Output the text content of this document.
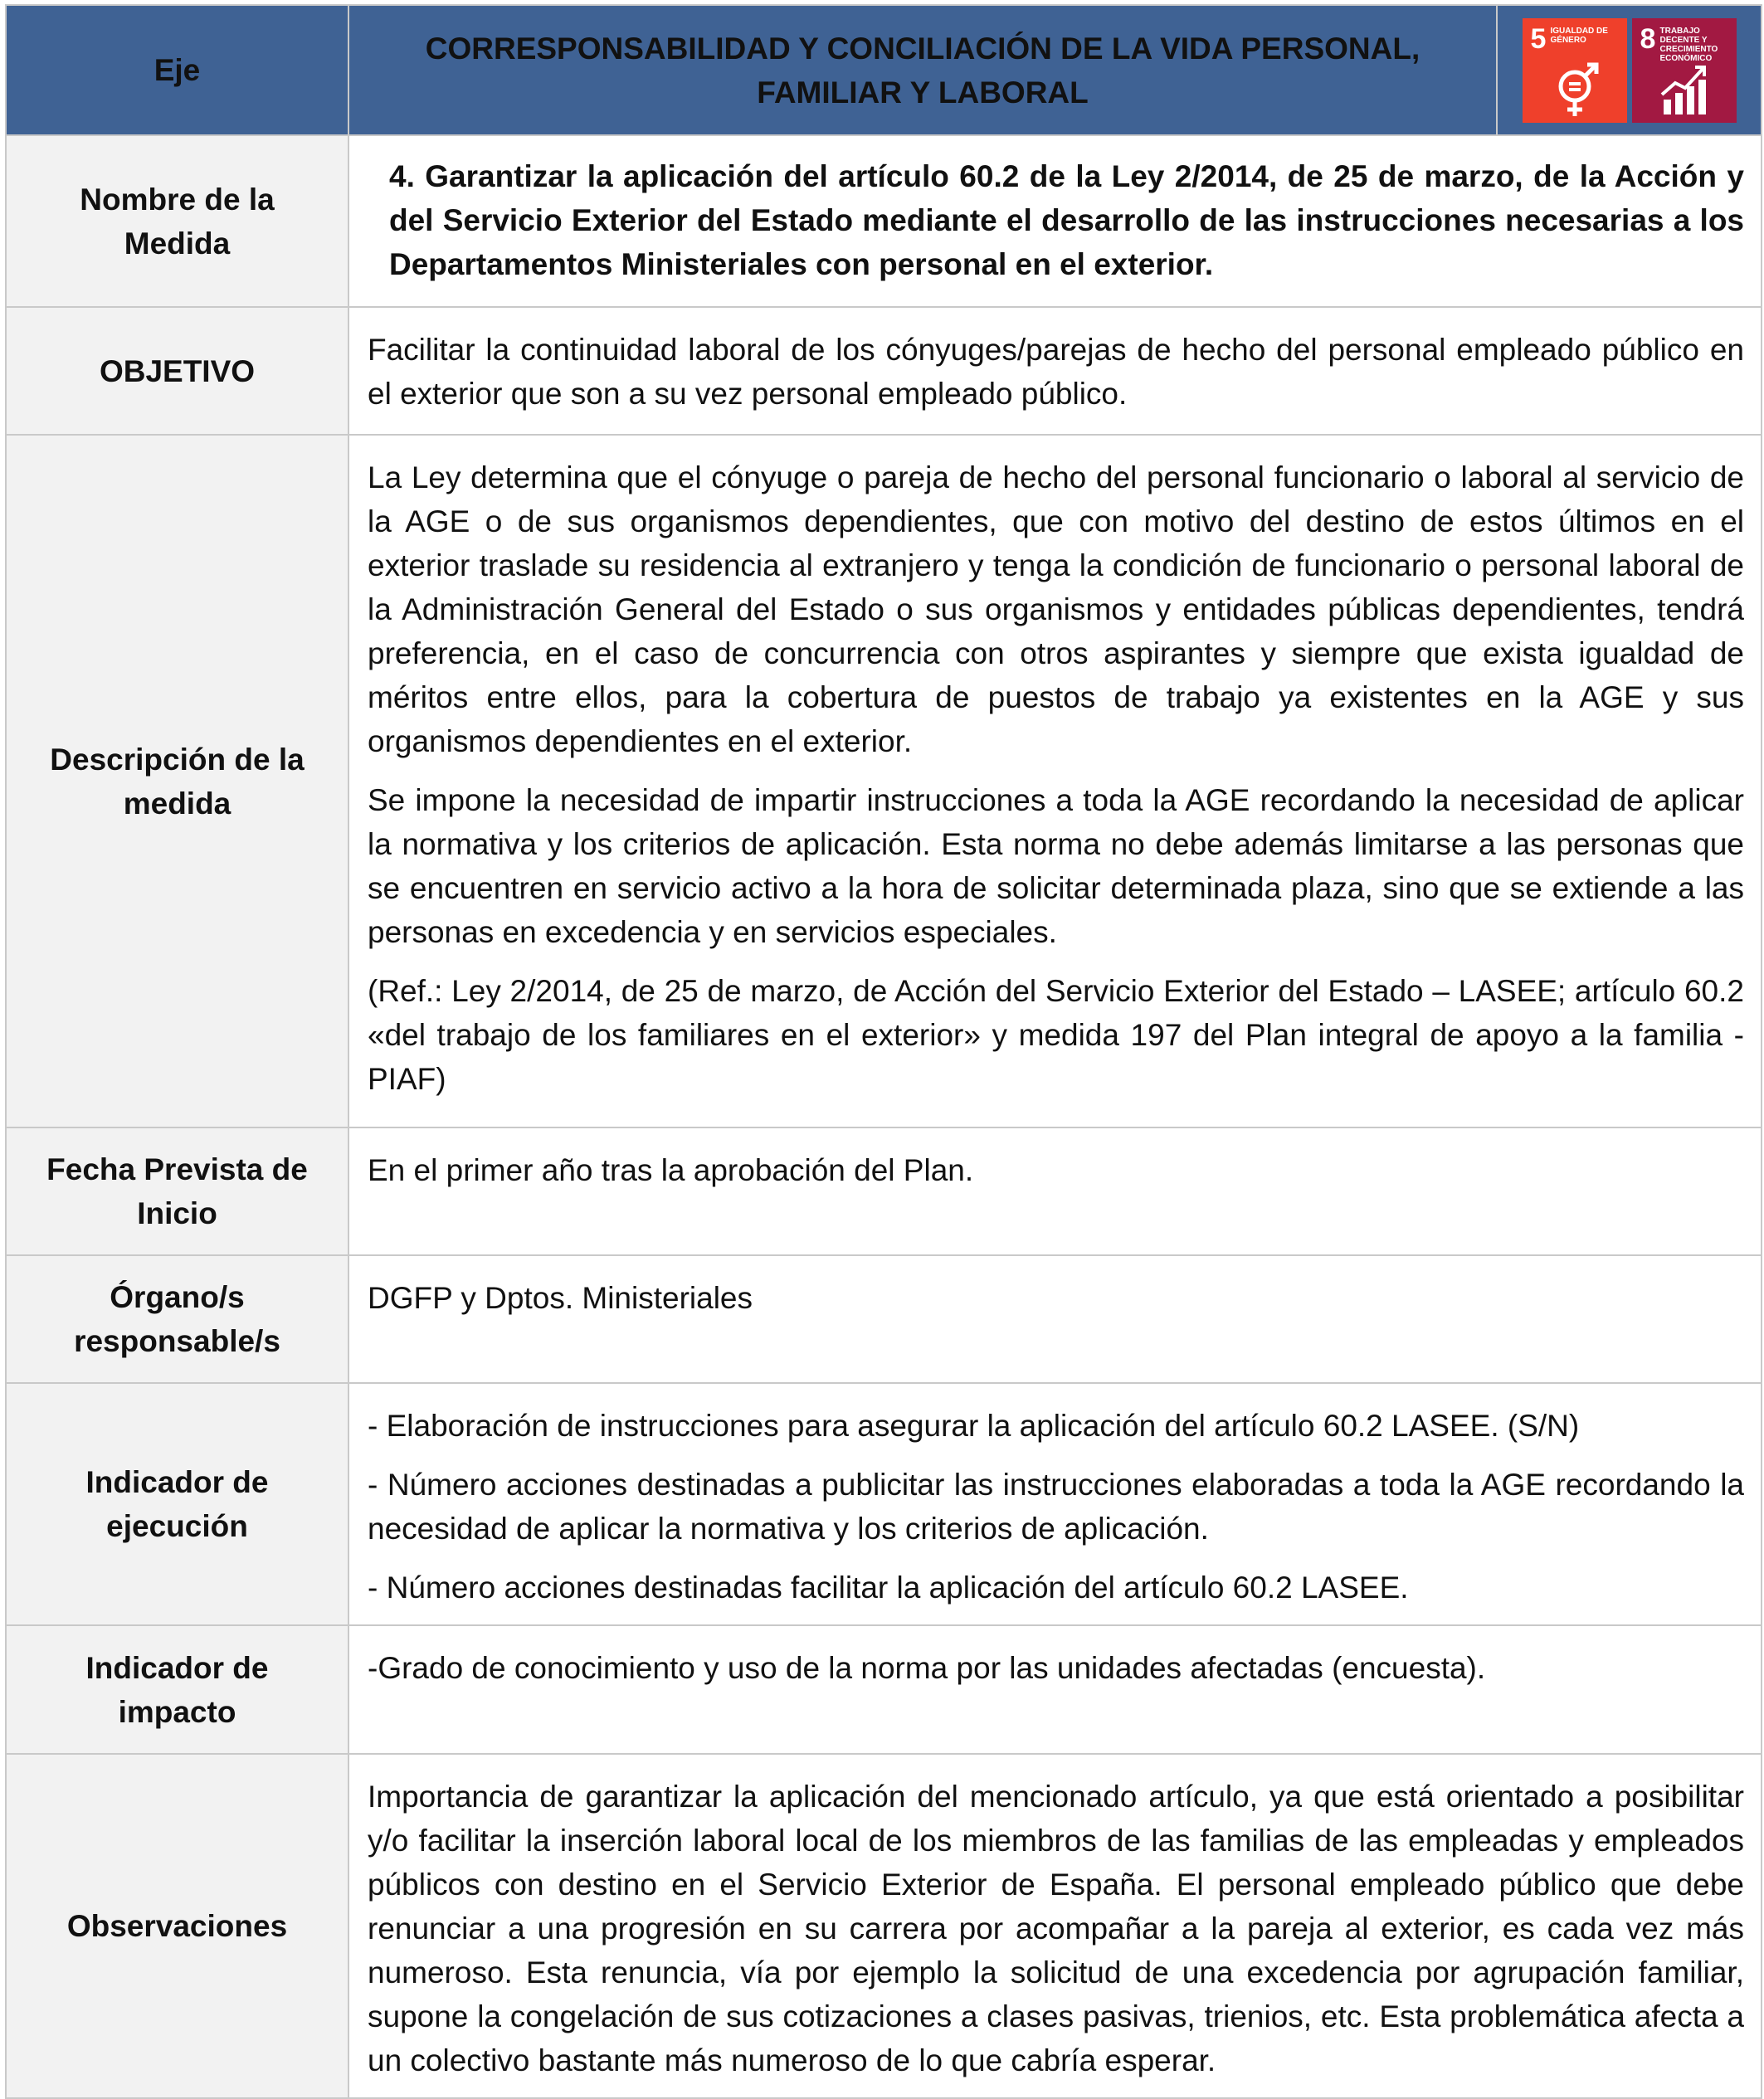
Eje	CORRESPONSABILIDAD Y CONCILIACIÓN DE LA VIDA PERSONAL, FAMILIAR Y LABORAL	5 IGUALDAD DE GÉNERO 8 TRABAJO DECENTE Y CRECIMIENTO ECONÓMICO

Nombre de la Medida	4. Garantizar la aplicación del artículo 60.2 de la Ley 2/2014, de 25 de marzo, de la Acción y del Servicio Exterior del Estado mediante el desarrollo de las instrucciones necesarias a los Departamentos Ministeriales con personal en el exterior.	
OBJETIVO	Facilitar la continuidad laboral de los cónyuges/parejas de hecho del personal empleado público en el exterior que son a su vez personal empleado público.	
Descripción de la medida	La Ley determina que el cónyuge o pareja de hecho del personal funcionario o laboral al servicio de la AGE o de sus organismos dependientes, que con motivo del destino de estos últimos en el exterior traslade su residencia al extranjero y tenga la condición de funcionario o personal laboral de la Administración General del Estado o sus organismos y entidades públicas dependientes, tendrá preferencia, en el caso de concurrencia con otros aspirantes y siempre que exista igualdad de méritos entre ellos, para la cobertura de puestos de trabajo ya existentes en la AGE y sus organismos dependientes en el exterior.

Se impone la necesidad de impartir instrucciones a toda la AGE recordando la necesidad de aplicar la normativa y los criterios de aplicación. Esta norma no debe además limitarse a las personas que se encuentren en servicio activo a la hora de solicitar determinada plaza, sino que se extiende a las personas en excedencia y en servicios especiales.

(Ref.: Ley 2/2014, de 25 de marzo, de Acción del Servicio Exterior del Estado – LASEE; artículo 60.2 «del trabajo de los familiares en el exterior» y medida 197 del Plan integral de apoyo a la familia - PIAF)	

Fecha Prevista de Inicio	En el primer año tras la aprobación del Plan.	
Órgano/s responsable/s	DGFP y Dptos. Ministeriales	
Indicador de ejecución	- Elaboración de instrucciones para asegurar la aplicación del artículo 60.2 LASEE. (S/N)

- Número acciones destinadas a publicitar las instrucciones elaboradas a toda la AGE recordando la necesidad de aplicar la normativa y los criterios de aplicación.

- Número acciones destinadas facilitar la aplicación del artículo 60.2 LASEE.	

Indicador de impacto	-Grado de conocimiento y uso de la norma por las unidades afectadas (encuesta).	
Observaciones	Importancia de garantizar la aplicación del mencionado artículo, ya que está orientado a posibilitar y/o facilitar la inserción laboral local de los miembros de las familias de las empleadas y empleados públicos con destino en el Servicio Exterior de España. El personal empleado público que debe renunciar a una progresión en su carrera por acompañar a la pareja al exterior, es cada vez más numeroso. Esta renuncia, vía por ejemplo la solicitud de una excedencia por agrupación familiar, supone la congelación de sus cotizaciones a clases pasivas, trienios, etc. Esta problemática afecta a un colectivo bastante más numeroso de lo que cabría esperar.	
